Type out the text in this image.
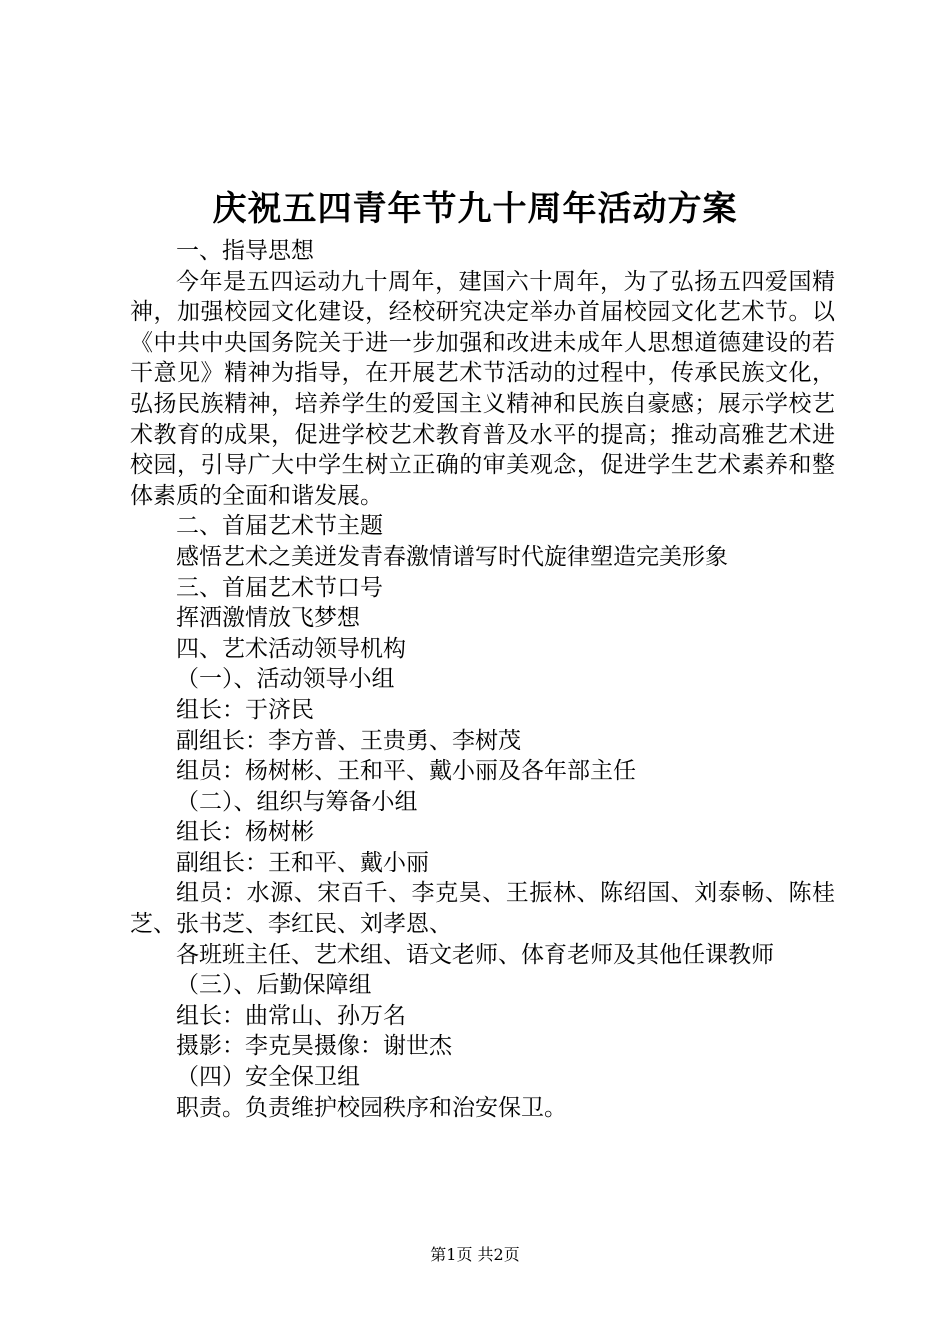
庆祝五四青年节九十周年活动方案

一、指导思想

今年是五四运动九十周年，建国六十周年，为了弘扬五四爱国精神，加强校园文化建设，经校研究决定举办首届校园文化艺术节。以《中共中央国务院关于进一步加强和改进未成年人思想道德建设的若干意见》精神为指导，在开展艺术节活动的过程中，传承民族文化，弘扬民族精神，培养学生的爱国主义精神和民族自豪感；展示学校艺术教育的成果，促进学校艺术教育普及水平的提高；推动高雅艺术进校园，引导广大中学生树立正确的审美观念，促进学生艺术素养和整体素质的全面和谐发展。

二、首届艺术节主题

感悟艺术之美迸发青春激情谱写时代旋律塑造完美形象

三、首届艺术节口号

挥洒激情放飞梦想

四、艺术活动领导机构

（一）、活动领导小组

组长：于济民

副组长：李方普、王贵勇、李树茂

组员：杨树彬、王和平、戴小丽及各年部主任

（二）、组织与筹备小组

组长：杨树彬

副组长：王和平、戴小丽

组员：水源、宋百千、李克昊、王振林、陈绍国、刘泰畅、陈桂芝、张书芝、李红民、刘孝恩、

各班班主任、艺术组、语文老师、体育老师及其他任课教师

（三）、后勤保障组

组长：曲常山、孙万名

摄影：李克昊摄像：谢世杰

（四）安全保卫组

职责。负责维护校园秩序和治安保卫。

第1页 共2页
